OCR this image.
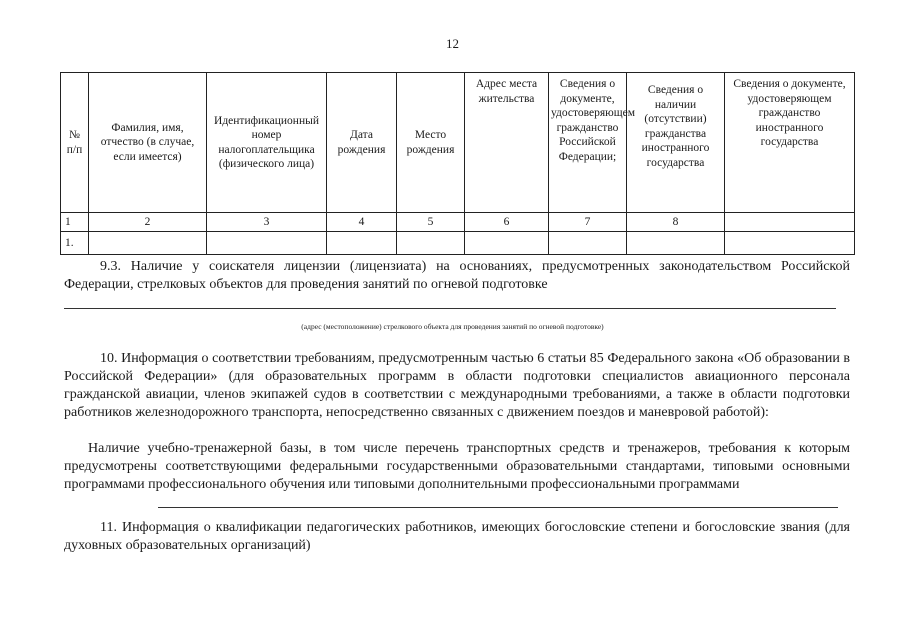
12
№ п/п	Фамилия, имя, отчество (в случае, если имеется)	Идентификационный номер налогоплательщика (физического лица)	Дата рождения	Место рождения	Адрес места жительства	Сведения о документе, удостоверяющем гражданство Российской Федерации;	Сведения о наличии (отсутствии) гражданства иностранного государства	Сведения о документе, удостоверяющем гражданство иностранного государства
1	2	3	4	5	6	7	8	
1.								
9.3. Наличие у соискателя лицензии (лицензиата) на основаниях, предусмотренных законодательством Российской Федерации, стрелковых объектов для проведения занятий по огневой подготовке
(адрес (местоположение) стрелкового объекта для проведения занятий по огневой подготовке)
10. Информация о соответствии требованиям, предусмотренным частью 6 статьи 85 Федерального закона «Об образовании в Российской Федерации» (для образовательных программ в области подготовки специалистов авиационного персонала гражданской авиации, членов экипажей судов в соответствии с международными требованиями, а также в области подготовки работников железнодорожного транспорта, непосредственно связанных с движением поездов и маневровой работой):
Наличие учебно-тренажерной базы, в том числе перечень транспортных средств и тренажеров, требования к которым предусмотрены соответствующими федеральными государственными образовательными стандартами, типовыми основными программами профессионального обучения или типовыми дополнительными профессиональными программами
11. Информация о квалификации педагогических работников, имеющих богословские степени и богословские звания (для духовных образовательных организаций)
